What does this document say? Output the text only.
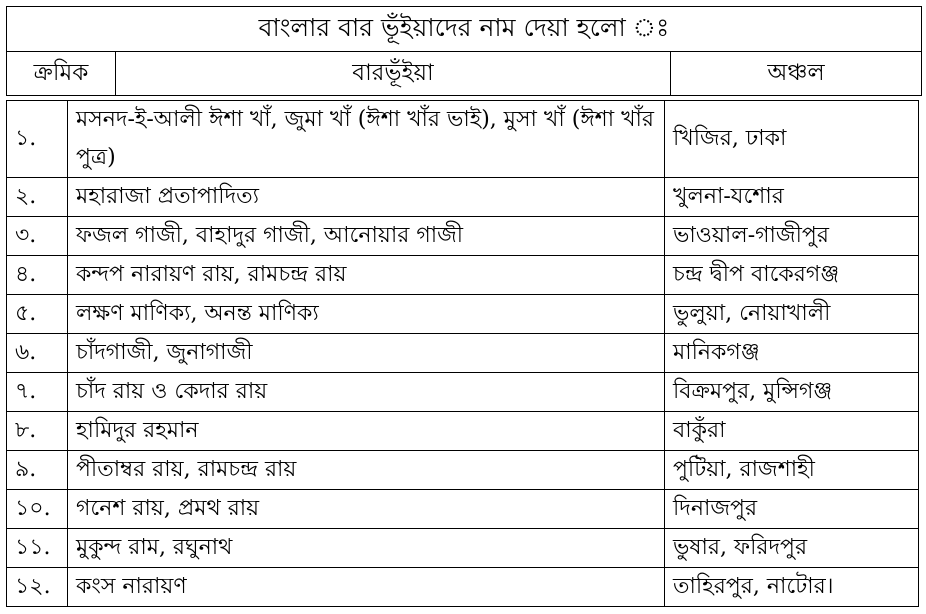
বাংলার বার ভূঁইয়াদের নাম দেয়া হলো ঃ
ক্রমিক	বারভূঁইয়া	অঞ্চল
১.	মসনদ-ই-আলী ঈশা খাঁ, জুমা খাঁ (ঈশা খাঁর ভাই), মুসা খাঁ (ঈশা খাঁর পুত্র)	খিজির, ঢাকা
২.	মহারাজা প্রতাপাদিত্য	খুলনা-যশোর
৩.	ফজল গাজী, বাহাদুর গাজী, আনোয়ার গাজী	ভাওয়াল-গাজীপুর
৪.	কন্দপ নারায়ণ রায়, রামচন্দ্র রায়	চন্দ্র দ্বীপ বাকেরগঞ্জ
৫.	লক্ষণ মাণিক্য, অনন্ত মাণিক্য	ভুলুয়া, নোয়াখালী
৬.	চাঁদগাজী, জুনাগাজী	মানিকগঞ্জ
৭.	চাঁদ রায় ও কেদার রায়	বিক্রমপুর, মুন্সিগঞ্জ
৮.	হামিদুর রহমান	বাকুঁরা
৯.	পীতাম্বর রায়, রামচন্দ্র রায়	পুটিয়া, রাজশাহী
১০.	গনেশ রায়, প্রমথ রায়	দিনাজপুর
১১.	মুকুন্দ রাম, রঘুনাথ	ভুষার, ফরিদপুর
১২.	কংস নারায়ণ	তাহিরপুর, নাটোর।
